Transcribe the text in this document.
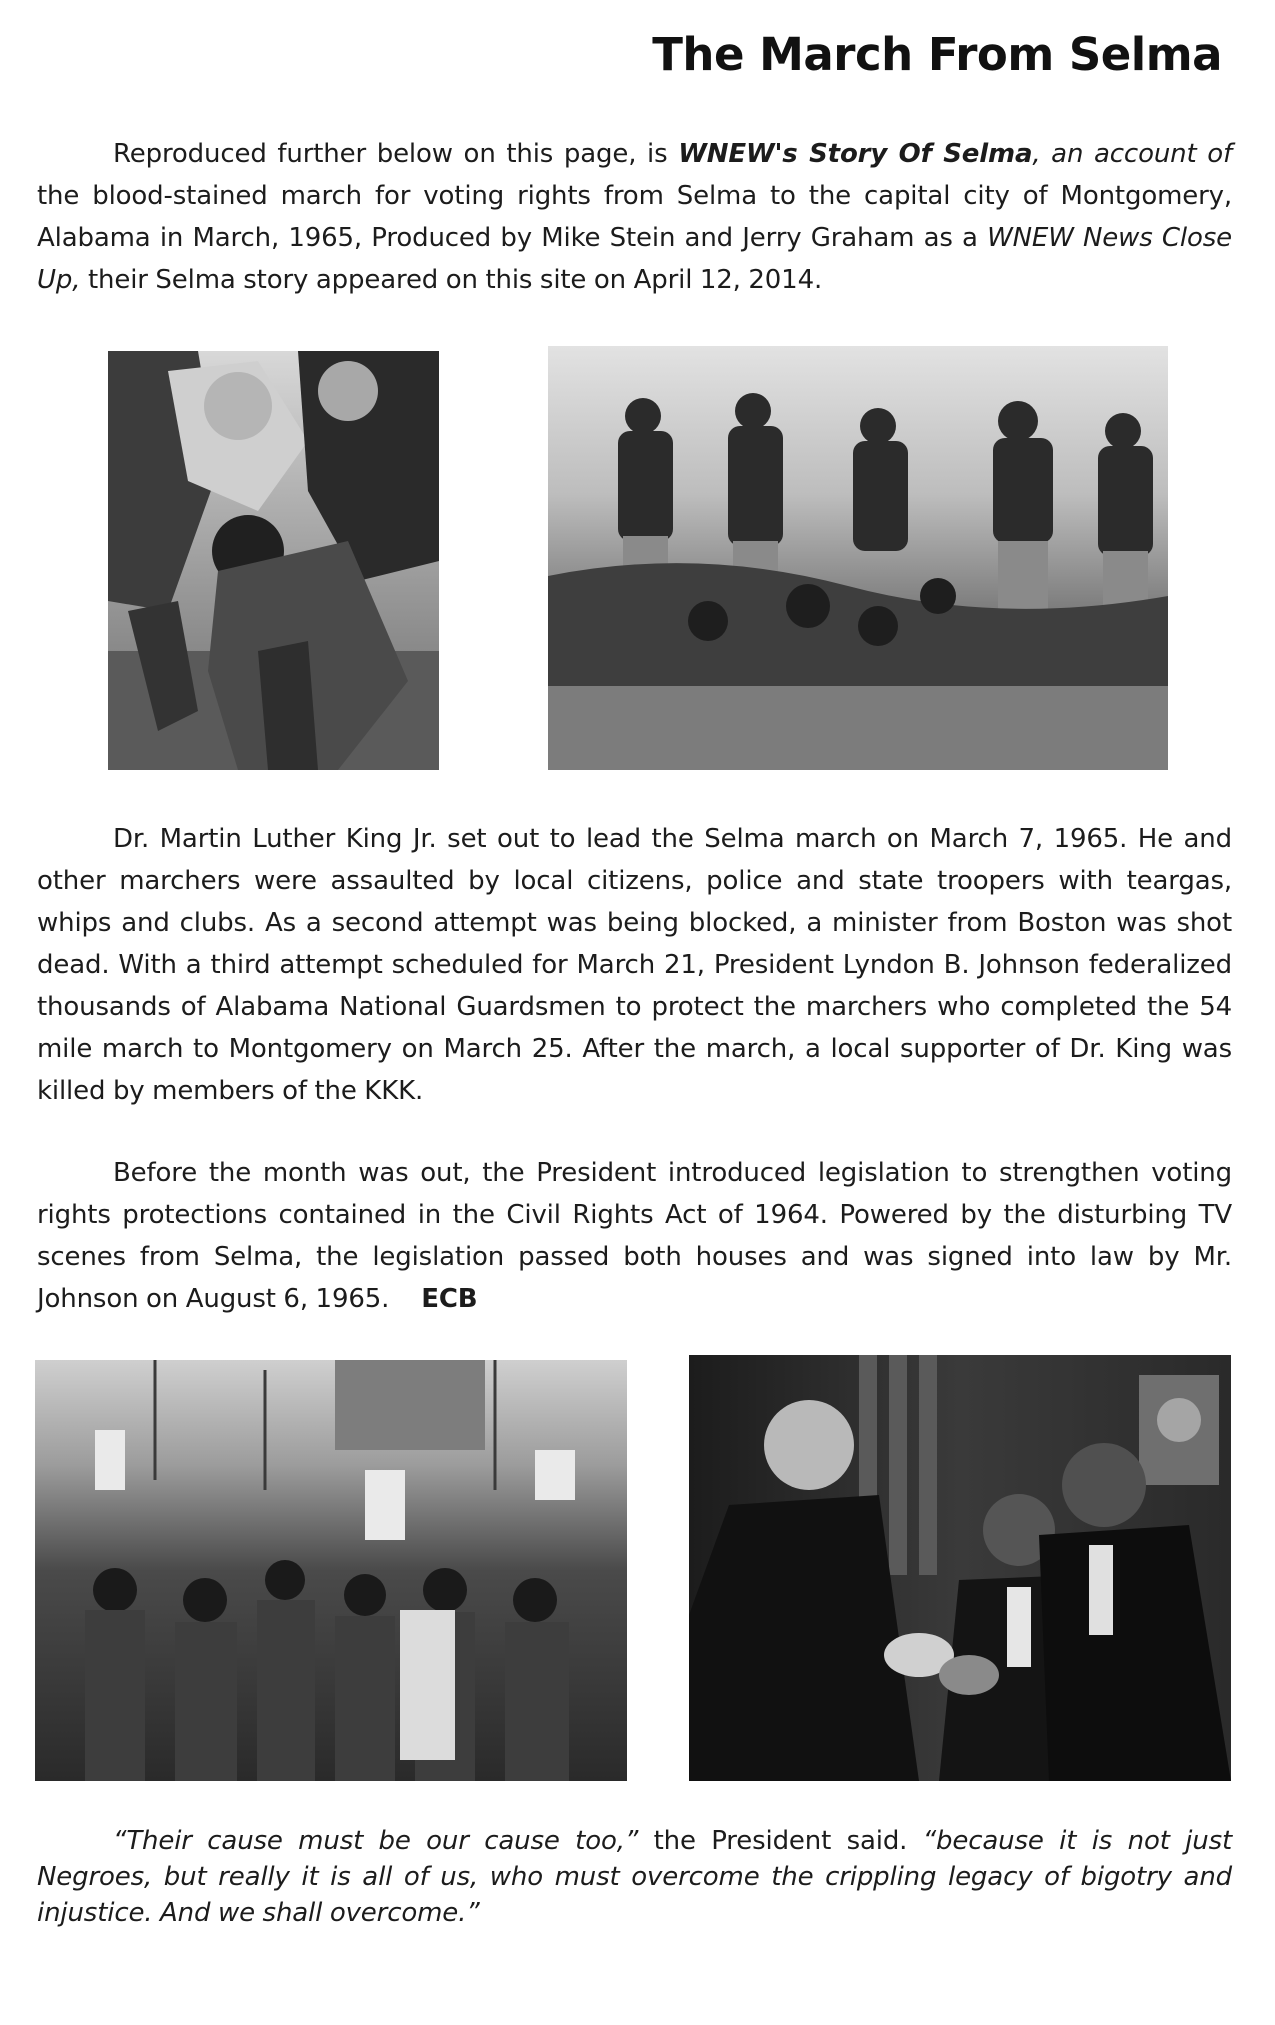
The March From Selma

Reproduced further below on this page, is WNEW's Story Of Selma, an account of the blood-stained march for voting rights from Selma to the capital city of Montgomery, Alabama in March, 1965, Produced by Mike Stein and Jerry Graham as a WNEW News Close Up, their Selma story appeared on this site on April 12, 2014.

Dr. Martin Luther King Jr. set out to lead the Selma march on March 7, 1965. He and other marchers were assaulted by local citizens, police and state troopers with teargas, whips and clubs. As a second attempt was being blocked, a minister from Boston was shot dead. With a third attempt scheduled for March 21, President Lyndon B. Johnson federalized thousands of Alabama National Guardsmen to protect the marchers who completed the 54 mile march to Montgomery on March 25. After the march, a local supporter of Dr. King was killed by members of the KKK.

Before the month was out, the President introduced legislation to strengthen voting rights protections contained in the Civil Rights Act of 1964. Powered by the disturbing TV scenes from Selma, the legislation passed both houses and was signed into law by Mr. Johnson on August 6, 1965. ECB

“Their cause must be our cause too,” the President said. “because it is not just Negroes, but really it is all of us, who must overcome the crippling legacy of bigotry and injustice. And we shall overcome.”
